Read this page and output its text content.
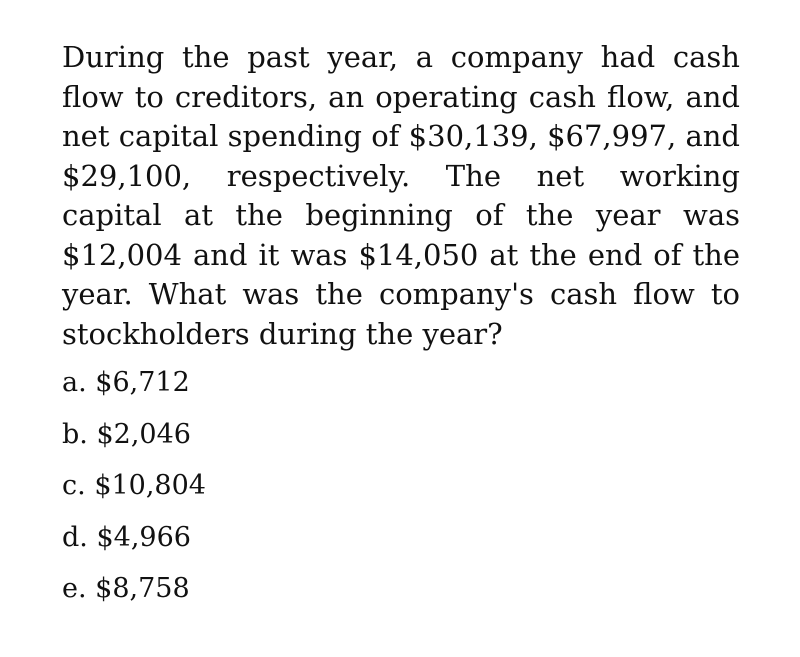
During the past year, a company had cash flow to creditors, an operating cash flow, and net capital spending of $30,139, $67,997, and $29,100, respectively. The net working capital at the beginning of the year was $12,004 and it was $14,050 at the end of the year. What was the company's cash flow to stockholders during the year?

a. $6,712
b. $2,046
c. $10,804
d. $4,966
e. $8,758
